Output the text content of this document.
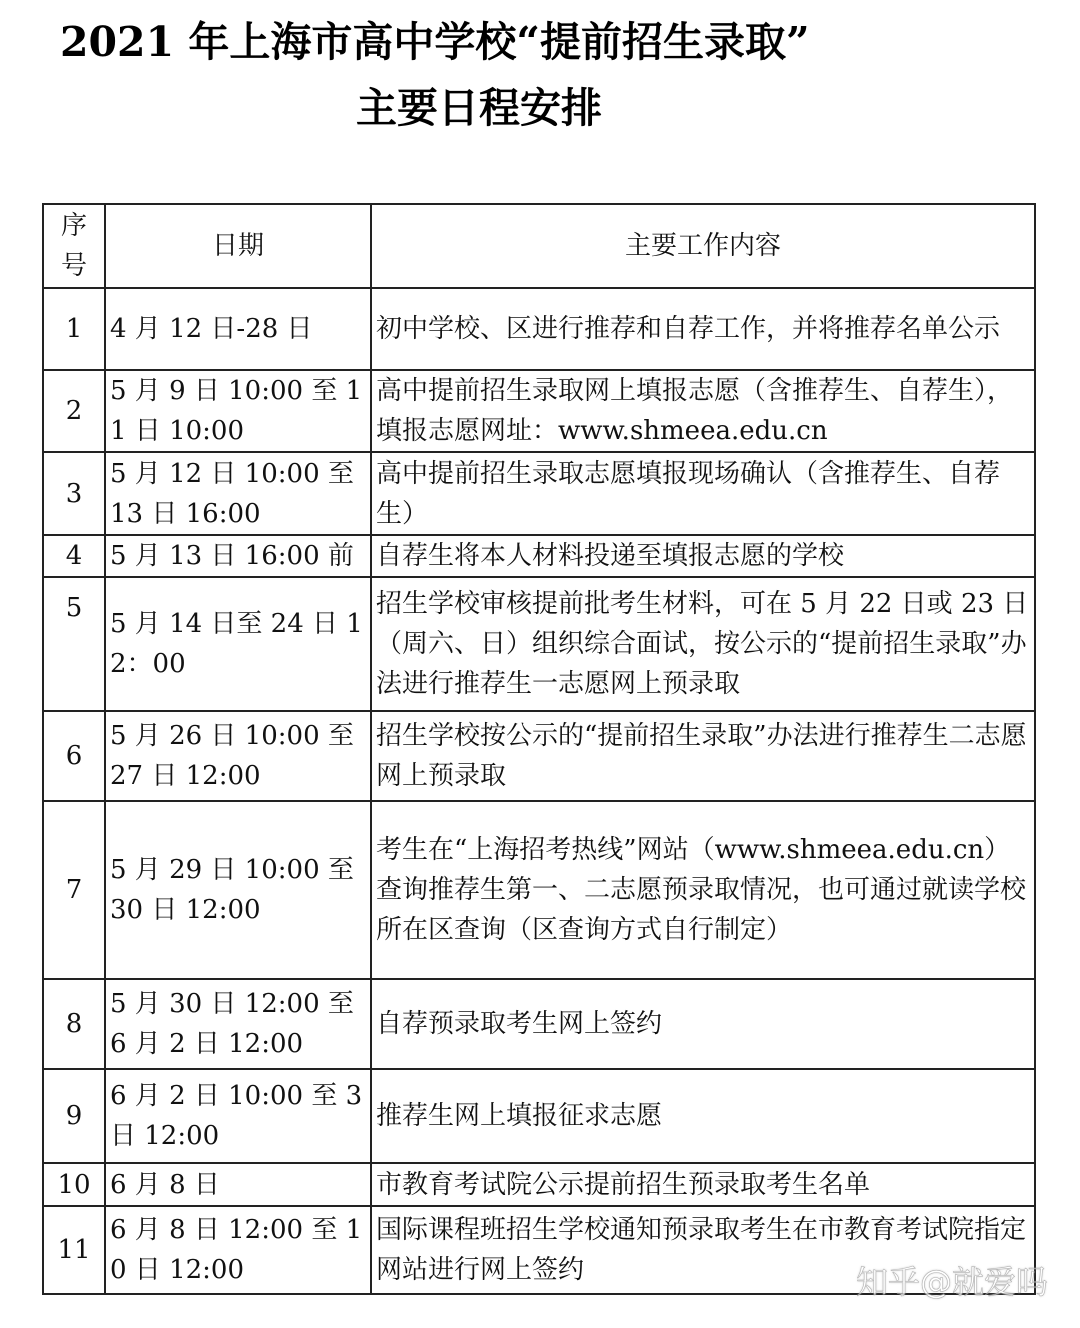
2021 年上海市高中学校“提前招生录取”
主要日程安排
序
号	日期	主要工作内容
1	4 月 12 日-28 日	初中学校、区进行推荐和自荐工作，并将推荐名单公示
2	5 月 9 日 10:00 至 11 日 10:00	高中提前招生录取网上填报志愿（含推荐生、自荐生），填报志愿网址：www.shmeea.edu.cn
3	5 月 12 日 10:00 至 13 日 16:00	高中提前招生录取志愿填报现场确认（含推荐生、自荐生）
4	5 月 13 日 16:00 前	自荐生将本人材料投递至填报志愿的学校
5	5 月 14 日至 24 日 12：00	招生学校审核提前批考生材料，可在 5 月 22 日或 23 日（周六、日）组织综合面试，按公示的“提前招生录取”办法进行推荐生一志愿网上预录取
6	5 月 26 日 10:00 至 27 日 12:00	招生学校按公示的“提前招生录取”办法进行推荐生二志愿网上预录取
7	5 月 29 日 10:00 至 30 日 12:00	考生在“上海招考热线”网站（www.shmeea.edu.cn）查询推荐生第一、二志愿预录取情况，也可通过就读学校所在区查询（区查询方式自行制定）
8	5 月 30 日 12:00 至 6 月 2 日 12:00	自荐预录取考生网上签约
9	6 月 2 日 10:00 至 3 日 12:00	推荐生网上填报征求志愿
10	6 月 8 日	市教育考试院公示提前招生预录取考生名单
11	6 月 8 日 12:00 至 10 日 12:00	国际课程班招生学校通知预录取考生在市教育考试院指定网站进行网上签约	知乎@就爱吗
